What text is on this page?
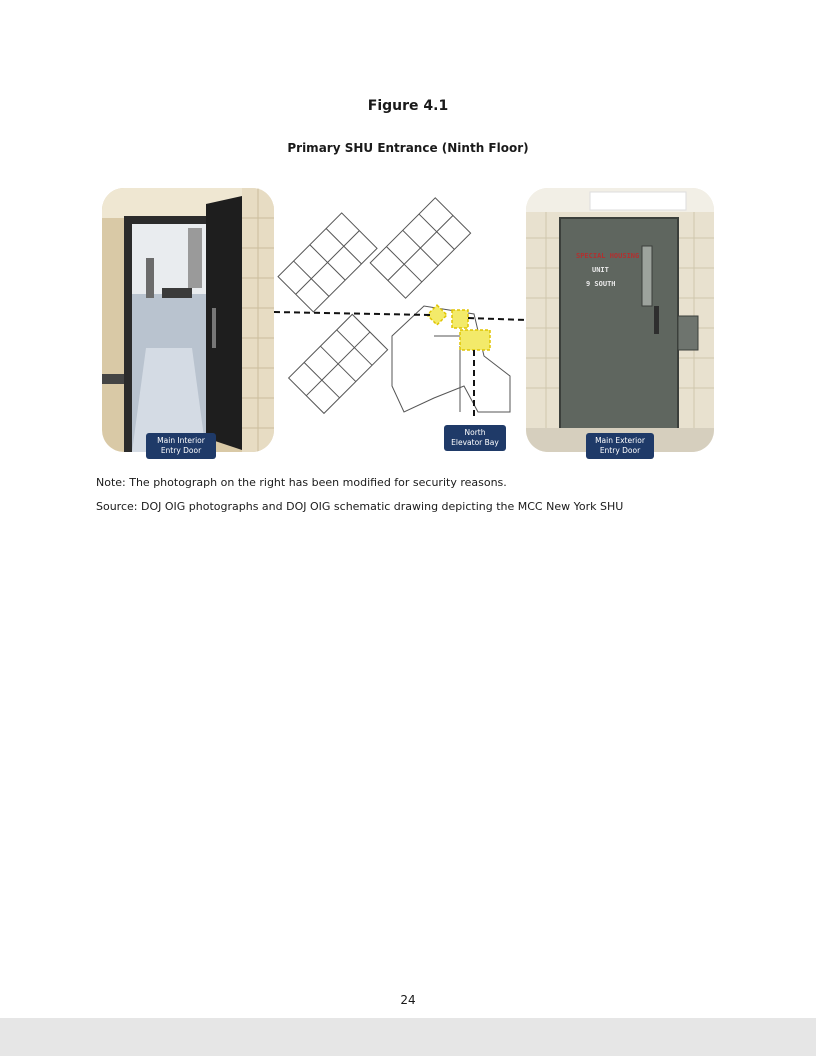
Figure 4.1
Primary SHU Entrance (Ninth Floor)
SPECIAL HOUSING
UNIT
9 SOUTH
Main Interior Entry Door
North Elevator Bay	Main Exterior Entry Door
Note: The photograph on the right has been modified for security reasons.
Source: DOJ OIG photographs and DOJ OIG schematic drawing depicting the MCC New York SHU
24
